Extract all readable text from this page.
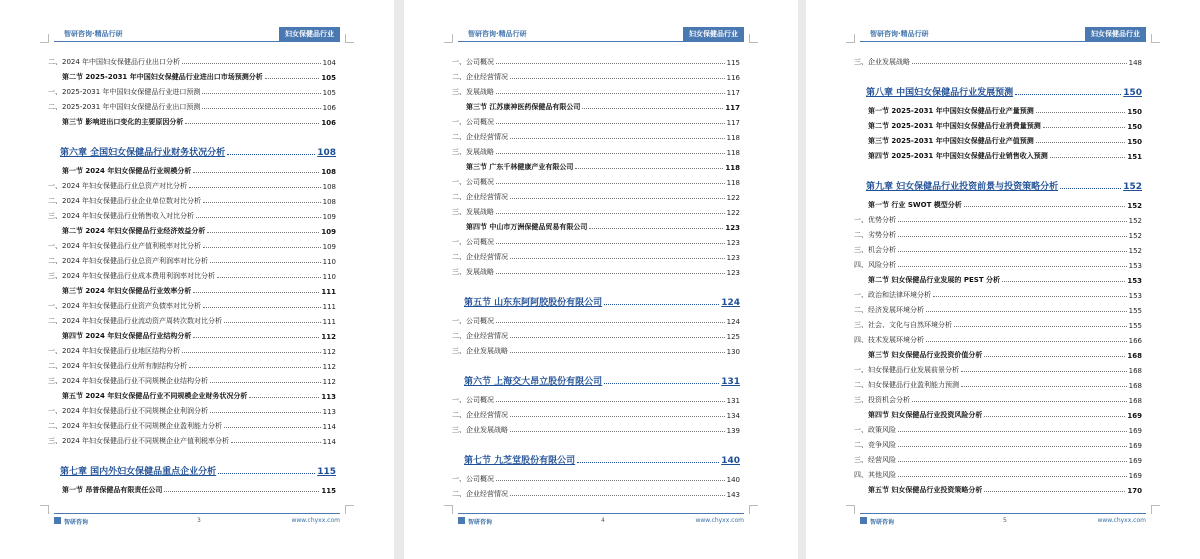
智研咨询·精品行研	妇女保健品行业
二、2024 年中国妇女保健品行业出口分析	104
第二节 2025-2031 年中国妇女保健品行业进出口市场预测分析	105
一、2025-2031 年中国妇女保健品行业进口预测	105
二、2025-2031 年中国妇女保健品行业出口预测	106
第三节 影响进出口变化的主要原因分析	106
第六章 全国妇女保健品行业财务状况分析	108
第一节 2024 年妇女保健品行业规模分析	108
一、2024 年妇女保健品行业总资产对比分析	108
二、2024 年妇女保健品行业企业单位数对比分析	108
三、2024 年妇女保健品行业销售收入对比分析	109
第二节 2024 年妇女保健品行业经济效益分析	109
一、2024 年妇女保健品行业产值利税率对比分析	109
二、2024 年妇女保健品行业总资产利润率对比分析	110
三、2024 年妇女保健品行业成本费用利润率对比分析	110
第三节 2024 年妇女保健品行业效率分析	111
一、2024 年妇女保健品行业资产负债率对比分析	111
二、2024 年妇女保健品行业流动资产周转次数对比分析	111
第四节 2024 年妇女保健品行业结构分析	112
一、2024 年妇女保健品行业地区结构分析	112
二、2024 年妇女保健品行业所有制结构分析	112
三、2024 年妇女保健品行业不同规模企业结构分析	112
第五节 2024 年妇女保健品行业不同规模企业财务状况分析	113
一、2024 年妇女保健品行业不同规模企业利润分析	113
二、2024 年妇女保健品行业不同规模企业盈利能力分析	114
三、2024 年妇女保健品行业不同规模企业产值利税率分析	114
第七章 国内外妇女保健品重点企业分析	115
第一节 昂普保健品有限责任公司	115
智研咨询	3	www.chyxx.com
智研咨询·精品行研	妇女保健品行业
一、公司概况	115
二、企业经营情况	116
三、发展战略	117
第三节 江苏康神医药保健品有限公司	117
一、公司概况	117
二、企业经营情况	118
三、发展战略	118
第三节 广东千林健康产业有限公司	118
一、公司概况	118
二、企业经营情况	122
三、发展战略	122
第四节 中山市万洲保健品贸易有限公司	123
一、公司概况	123
二、企业经营情况	123
三、发展战略	123
第五节 山东东阿阿胶股份有限公司	124
一、公司概况	124
二、企业经营情况	125
三、企业发展战略	130
第六节 上海交大昂立股份有限公司	131
一、公司概况	131
二、企业经营情况	134
三、企业发展战略	139
第七节 九芝堂股份有限公司	140
一、公司概况	140
二、企业经营情况	143
智研咨询	4	www.chyxx.com
智研咨询·精品行研	妇女保健品行业
三、企业发展战略	148
第八章 中国妇女保健品行业发展预测	150
第一节 2025-2031 年中国妇女保健品行业产量预测	150
第二节 2025-2031 年中国妇女保健品行业消费量预测	150
第三节 2025-2031 年中国妇女保健品行业产值预测	150
第四节 2025-2031 年中国妇女保健品行业销售收入预测	151
第九章 妇女保健品行业投资前景与投资策略分析	152
第一节 行业 SWOT 模型分析	152
一、优势分析	152
二、劣势分析	152
三、机会分析	152
四、风险分析	153
第二节 妇女保健品行业发展的 PEST 分析	153
一、政治和法律环境分析	153
二、经济发展环境分析	155
三、社会、文化与自然环境分析	155
四、技术发展环境分析	166
第三节 妇女保健品行业投资价值分析	168
一、妇女保健品行业发展前景分析	168
二、妇女保健品行业盈利能力预测	168
三、投资机会分析	168
第四节 妇女保健品行业投资风险分析	169
一、政策风险	169
二、竞争风险	169
三、经营风险	169
四、其他风险	169
第五节 妇女保健品行业投资策略分析	170
智研咨询	5	www.chyxx.com
